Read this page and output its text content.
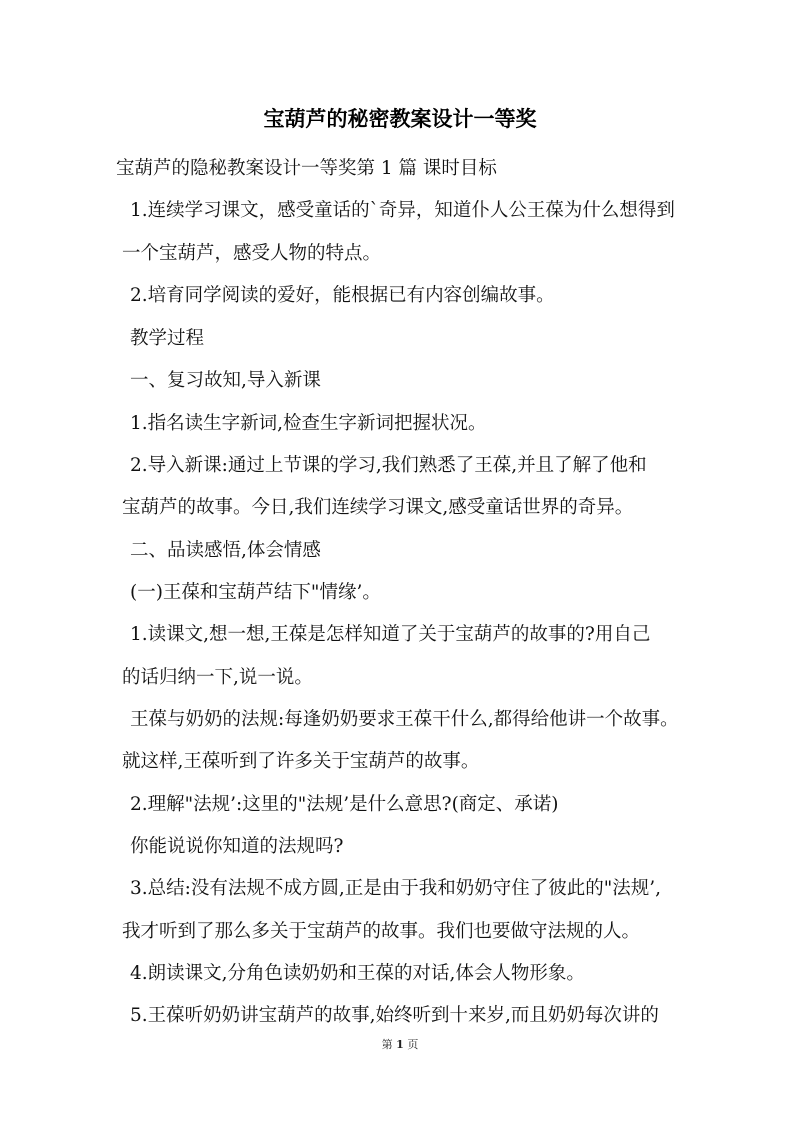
宝葫芦的秘密教案设计一等奖

宝葫芦的隐秘教案设计一等奖第 1 篇 课时目标

1.连续学习课文，感受童话的`奇异，知道仆人公王葆为什么想得到

一个宝葫芦，感受人物的特点。

2.培育同学阅读的爱好，能根据已有内容创编故事。

教学过程

一、复习故知,导入新课

1.指名读生字新词,检查生字新词把握状况。

2.导入新课:通过上节课的学习,我们熟悉了王葆,并且了解了他和

宝葫芦的故事。今日,我们连续学习课文,感受童话世界的奇异。

二、品读感悟,体会情感

(一)王葆和宝葫芦结下"情缘’。

1.读课文,想一想,王葆是怎样知道了关于宝葫芦的故事的?用自己

的话归纳一下,说一说。

王葆与奶奶的法规:每逢奶奶要求王葆干什么,都得给他讲一个故事。

就这样,王葆听到了许多关于宝葫芦的故事。

2.理解"法规’:这里的"法规’是什么意思?(商定、承诺)

你能说说你知道的法规吗?

3.总结:没有法规不成方圆,正是由于我和奶奶守住了彼此的"法规’,

我才听到了那么多关于宝葫芦的故事。我们也要做守法规的人。

4.朗读课文,分角色读奶奶和王葆的对话,体会人物形象。

5.王葆听奶奶讲宝葫芦的故事,始终听到十来岁,而且奶奶每次讲的

第 1 页
